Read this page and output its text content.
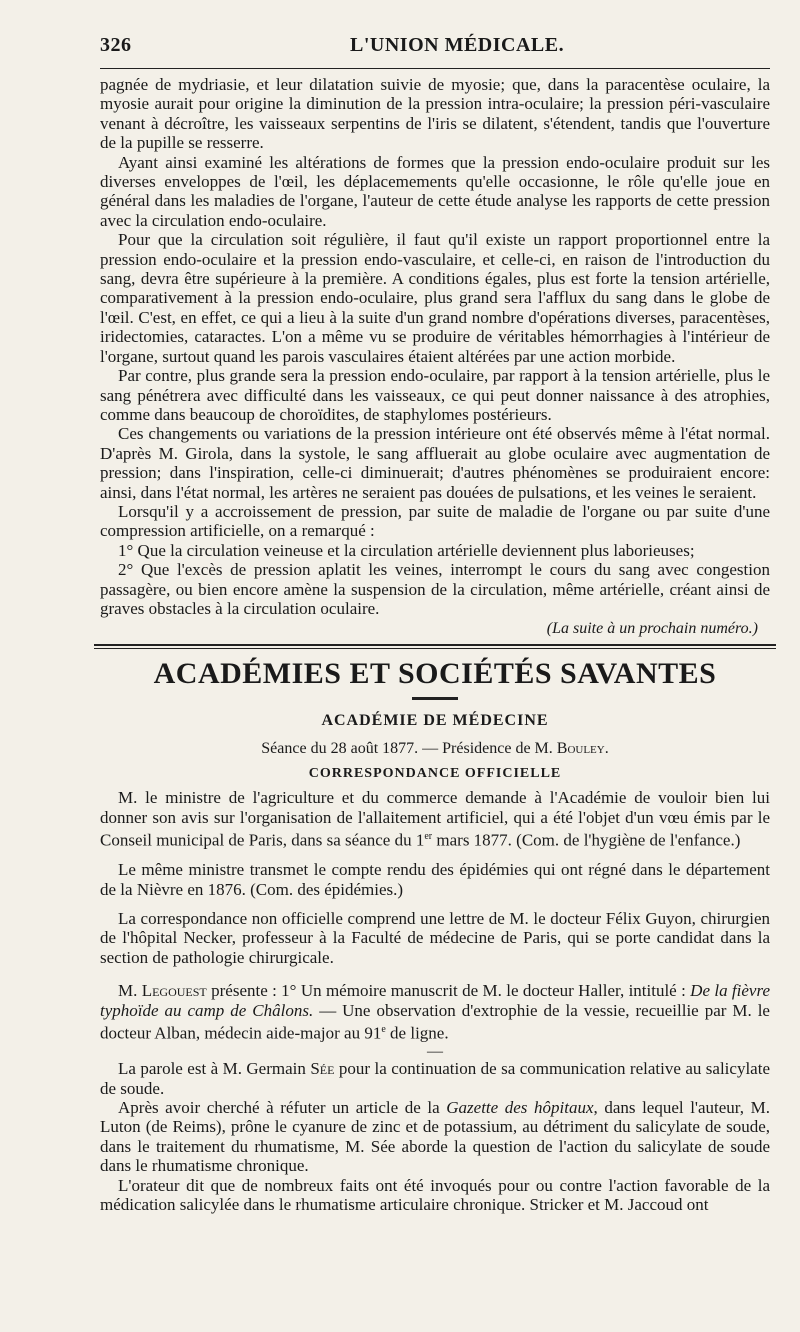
326	L'UNION MÉDICALE.

pagnée de mydriasie, et leur dilatation suivie de myosie; que, dans la paracentèse oculaire, la myosie aurait pour origine la diminution de la pression intra-oculaire; la pression péri-vasculaire venant à décroître, les vaisseaux serpentins de l'iris se dilatent, s'étendent, tandis que l'ouverture de la pupille se resserre.

Ayant ainsi examiné les altérations de formes que la pression endo-oculaire produit sur les diverses enveloppes de l'œil, les déplacemements qu'elle occasionne, le rôle qu'elle joue en général dans les maladies de l'organe, l'auteur de cette étude analyse les rapports de cette pression avec la circulation endo-oculaire.

Pour que la circulation soit régulière, il faut qu'il existe un rapport proportionnel entre la pression endo-oculaire et la pression endo-vasculaire, et celle-ci, en raison de l'introduction du sang, devra être supérieure à la première. A conditions égales, plus est forte la tension artérielle, comparativement à la pression endo-oculaire, plus grand sera l'afflux du sang dans le globe de l'œil. C'est, en effet, ce qui a lieu à la suite d'un grand nombre d'opérations diverses, paracentèses, iridectomies, cataractes. L'on a même vu se produire de véritables hémorrhagies à l'intérieur de l'organe, surtout quand les parois vasculaires étaient altérées par une action morbide.

Par contre, plus grande sera la pression endo-oculaire, par rapport à la tension artérielle, plus le sang pénétrera avec difficulté dans les vaisseaux, ce qui peut donner naissance à des atrophies, comme dans beaucoup de choroïdites, de staphylomes postérieurs.

Ces changements ou variations de la pression intérieure ont été observés même à l'état normal. D'après M. Girola, dans la systole, le sang affluerait au globe oculaire avec augmentation de pression; dans l'inspiration, celle-ci diminuerait; d'autres phénomènes se produiraient encore: ainsi, dans l'état normal, les artères ne seraient pas douées de pulsations, et les veines le seraient.

Lorsqu'il y a accroissement de pression, par suite de maladie de l'organe ou par suite d'une compression artificielle, on a remarqué :

1° Que la circulation veineuse et la circulation artérielle deviennent plus laborieuses;

2° Que l'excès de pression aplatit les veines, interrompt le cours du sang avec congestion passagère, ou bien encore amène la suspension de la circulation, même artérielle, créant ainsi de graves obstacles à la circulation oculaire.

(La suite à un prochain numéro.)
ACADÉMIES ET SOCIÉTÉS SAVANTES
ACADÉMIE DE MÉDECINE
Séance du 28 août 1877. — Présidence de M. Bouley.
CORRESPONDANCE OFFICIELLE

M. le ministre de l'agriculture et du commerce demande à l'Académie de vouloir bien lui donner son avis sur l'organisation de l'allaitement artificiel, qui a été l'objet d'un vœu émis par le Conseil municipal de Paris, dans sa séance du 1er mars 1877. (Com. de l'hygiène de l'enfance.)

Le même ministre transmet le compte rendu des épidémies qui ont régné dans le département de la Nièvre en 1876. (Com. des épidémies.)

La correspondance non officielle comprend une lettre de M. le docteur Félix Guyon, chirurgien de l'hôpital Necker, professeur à la Faculté de médecine de Paris, qui se porte candidat dans la section de pathologie chirurgicale.

M. Legouest présente : 1° Un mémoire manuscrit de M. le docteur Haller, intitulé : De la fièvre typhoïde au camp de Châlons. — Une observation d'extrophie de la vessie, recueillie par M. le docteur Alban, médecin aide-major au 91e de ligne.

—

La parole est à M. Germain Sée pour la continuation de sa communication relative au salicylate de soude.

Après avoir cherché à réfuter un article de la Gazette des hôpitaux, dans lequel l'auteur, M. Luton (de Reims), prône le cyanure de zinc et de potassium, au détriment du salicylate de soude, dans le traitement du rhumatisme, M. Sée aborde la question de l'action du salicylate de soude dans le rhumatisme chronique.

L'orateur dit que de nombreux faits ont été invoqués pour ou contre l'action favorable de la médication salicylée dans le rhumatisme articulaire chronique. Stricker et M. Jaccoud ont
